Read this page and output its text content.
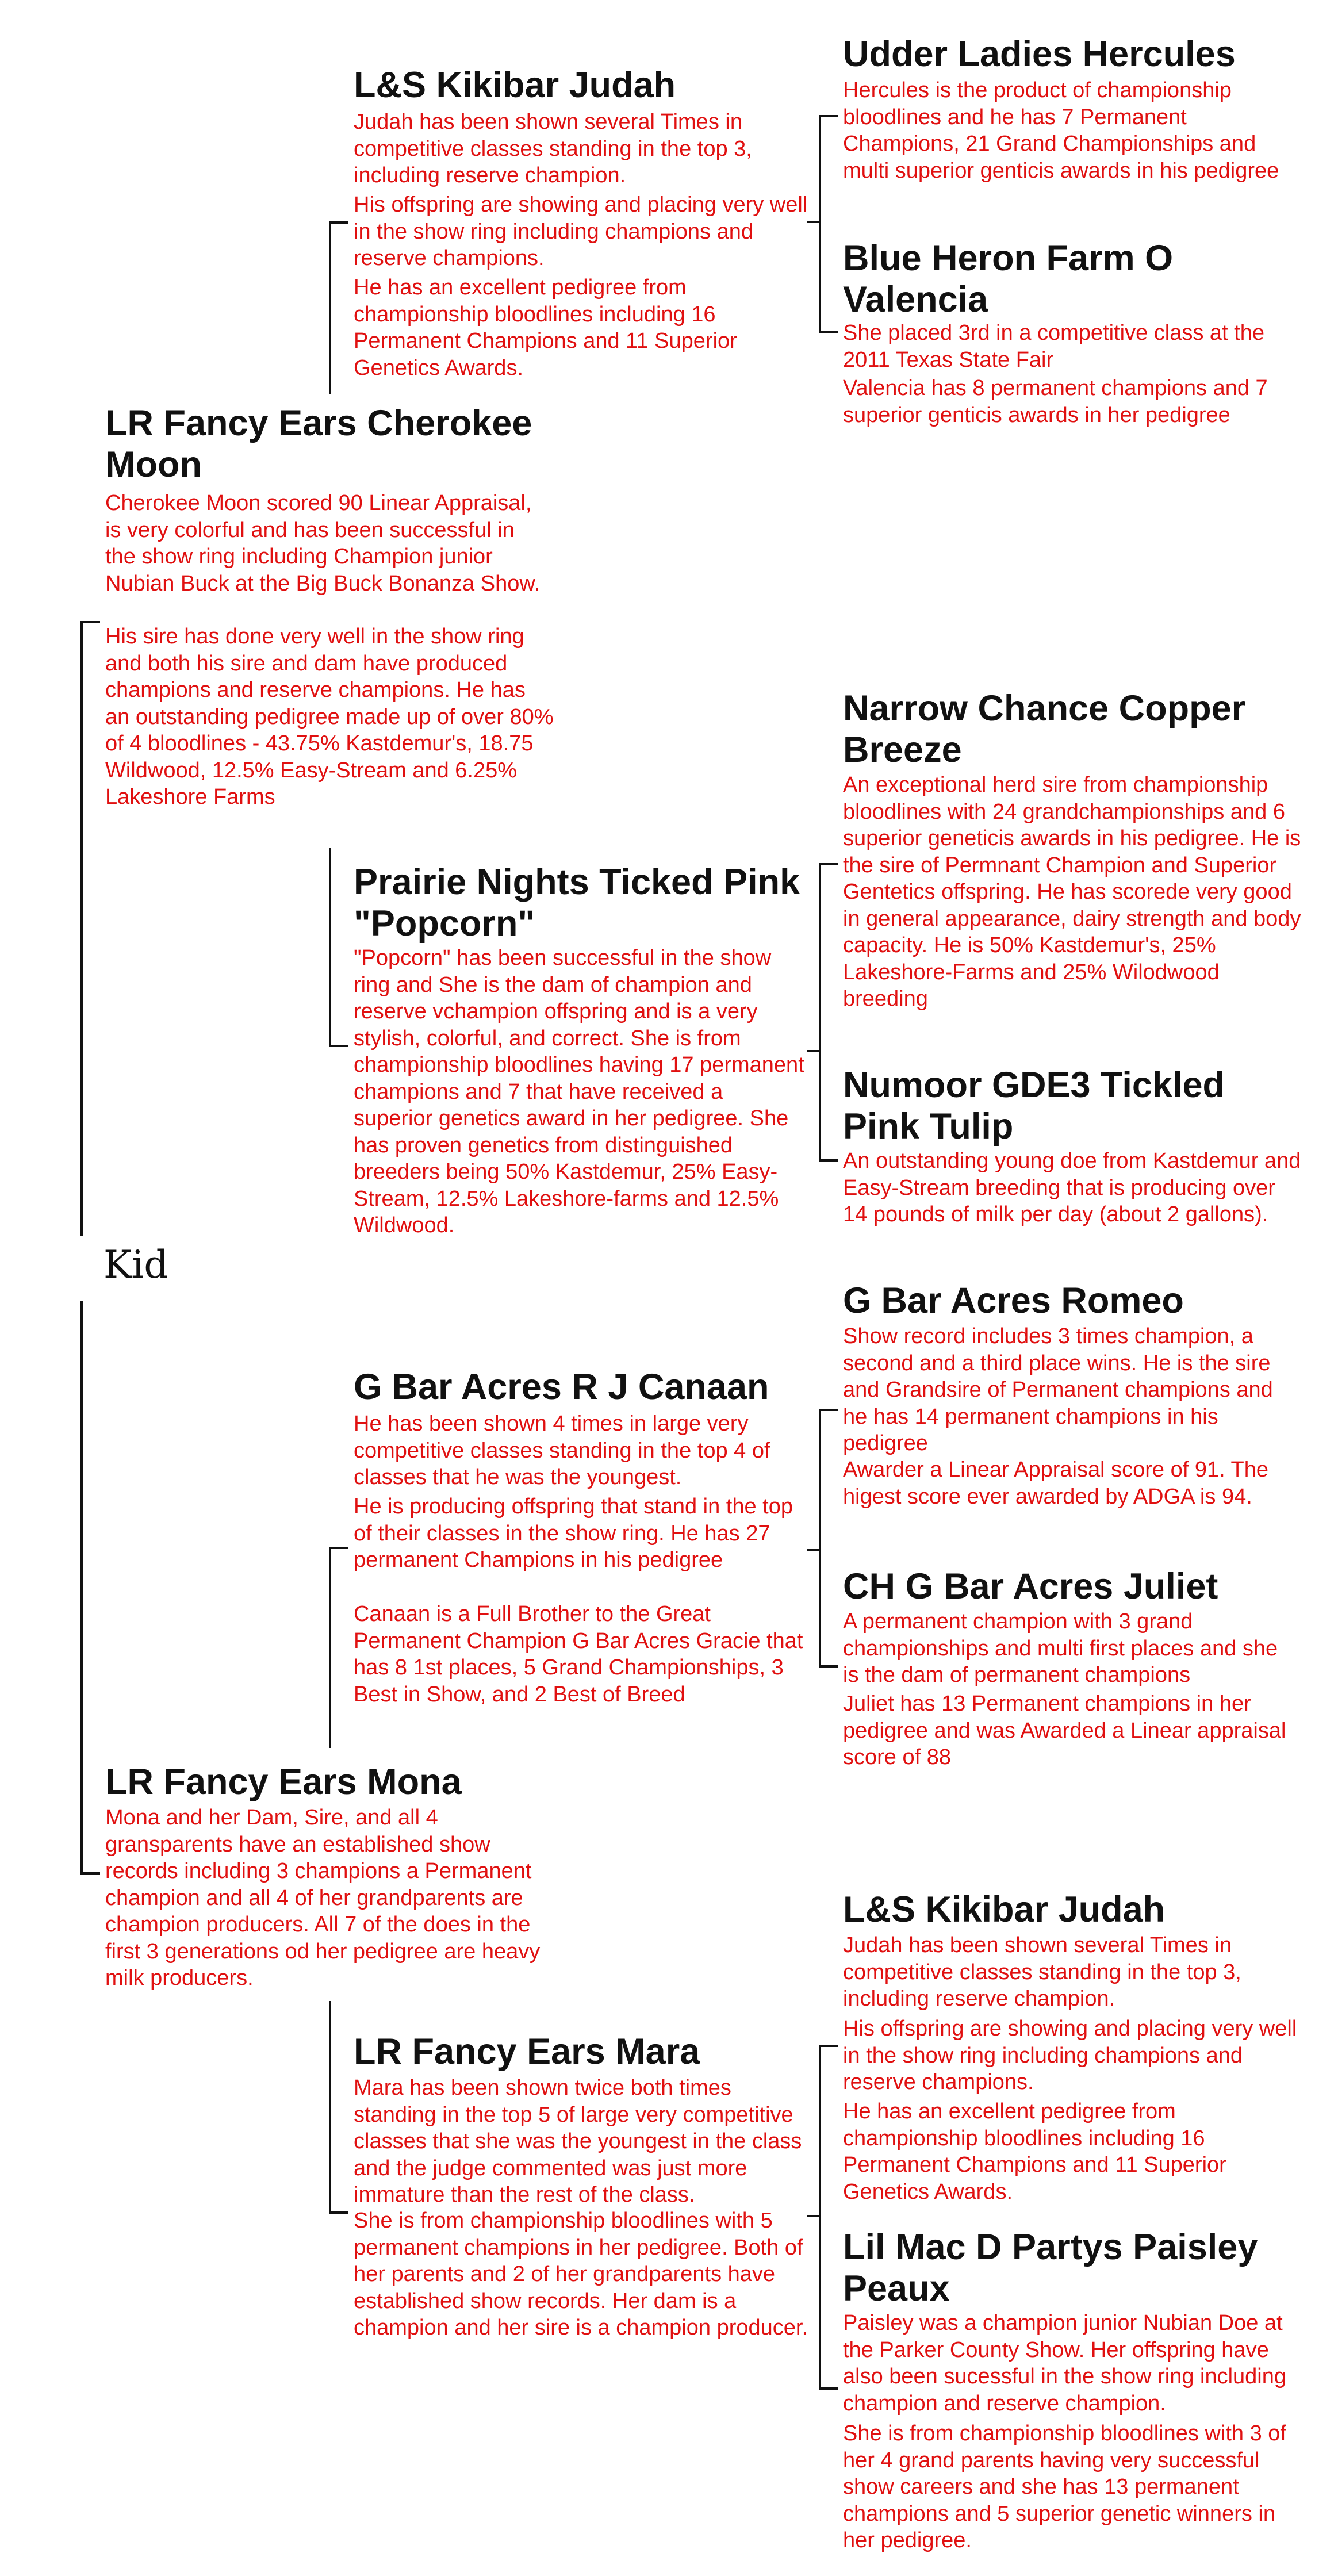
Kid
LR Fancy Ears Cherokee Moon
Cherokee Moon scored 90 Linear Appraisal, is very colorful and has been successful in the show ring including Champion junior Nubian Buck at the Big Buck Bonanza Show.
His sire has done very well in the show ring and both his sire and dam have produced champions and reserve champions. He has an outstanding pedigree made up of over 80% of 4 bloodlines - 43.75% Kastdemur's, 18.75 Wildwood, 12.5% Easy-Stream and 6.25% Lakeshore Farms
LR Fancy Ears Mona
Mona and her Dam, Sire, and all 4 gransparents have an established show records including 3 champions a Permanent champion and all 4 of her grandparents are champion producers. All 7 of the does in the first 3 generations od her pedigree are heavy milk producers.
L&S Kikibar Judah
Judah has been shown several Times in competitive classes standing in the top 3, including reserve champion.
His offspring are showing and placing very well in the show ring including champions and reserve champions.
He has an excellent pedigree from championship bloodlines including 16 Permanent Champions and 11 Superior Genetics Awards.
Prairie Nights Ticked Pink "Popcorn"
"Popcorn" has been successful in the show ring and She is the dam of champion and reserve vchampion offspring and is a very stylish, colorful, and correct. She is from championship bloodlines having 17 permanent champions and 7 that have received a superior genetics award in her pedigree. She has proven genetics from distinguished breeders being 50% Kastdemur, 25% Easy-Stream, 12.5% Lakeshore-farms and 12.5% Wildwood.
G Bar Acres R J Canaan
He has been shown 4 times in large very competitive classes standing in the top 4 of classes that he was the youngest.
He is producing offspring that stand in the top of their classes in the show ring. He has 27 permanent Champions in his pedigree
Canaan is a Full Brother to the Great Permanent Champion G Bar Acres Gracie that has 8 1st places, 5 Grand Championships, 3 Best in Show, and 2 Best of Breed
LR Fancy Ears Mara
Mara has been shown twice both times standing in the top 5 of large very competitive classes that she was the youngest in the class and the judge commented was just more immature than the rest of the class.
She is from championship bloodlines with 5 permanent champions in her pedigree. Both of her parents and 2 of her grandparents have established show records. Her dam is a champion and her sire is a champion producer.
Udder Ladies Hercules
Hercules is the product of championship bloodlines and he has 7 Permanent Champions, 21 Grand Championships and multi superior genticis awards in his pedigree
Blue Heron Farm O Valencia
She placed 3rd in a competitive class at the 2011 Texas State Fair
Valencia has 8 permanent champions and 7 superior genticis awards in her pedigree
Narrow Chance Copper Breeze
An exceptional herd sire from championship bloodlines with 24 grandchampionships and 6 superior geneticis awards in his pedigree. He is the sire of Permnant Champion and Superior Gentetics offspring. He has scorede very good in general appearance, dairy strength and body capacity. He is 50% Kastdemur's, 25% Lakeshore-Farms and 25% Wilodwood breeding
Numoor GDE3 Tickled Pink Tulip
An outstanding young doe from Kastdemur and Easy-Stream breeding that is producing over 14 pounds of milk per day (about 2 gallons).
G Bar Acres Romeo
Show record includes 3 times champion, a second and a third place wins. He is the sire and Grandsire of Permanent champions and he has 14 permanent champions in his pedigree
Awarder a Linear Appraisal score of 91. The higest score ever awarded by ADGA is 94.
CH G Bar Acres Juliet
A permanent champion with 3 grand championships and multi first places and she is the dam of permanent champions
Juliet has 13 Permanent champions in her pedigree and was Awarded a Linear appraisal score of 88
L&S Kikibar Judah
Judah has been shown several Times in competitive classes standing in the top 3, including reserve champion.
His offspring are showing and placing very well in the show ring including champions and reserve champions.
He has an excellent pedigree from championship bloodlines including 16 Permanent Champions and 11 Superior Genetics Awards.
Lil Mac D Partys Paisley Peaux
Paisley was a champion junior Nubian Doe at the Parker County Show. Her offspring have also been sucessful in the show ring including champion and reserve champion.
She is from championship bloodlines with 3 of her 4 grand parents having very successful show careers and she has 13 permanent champions and 5 superior genetic winners in her pedigree.
